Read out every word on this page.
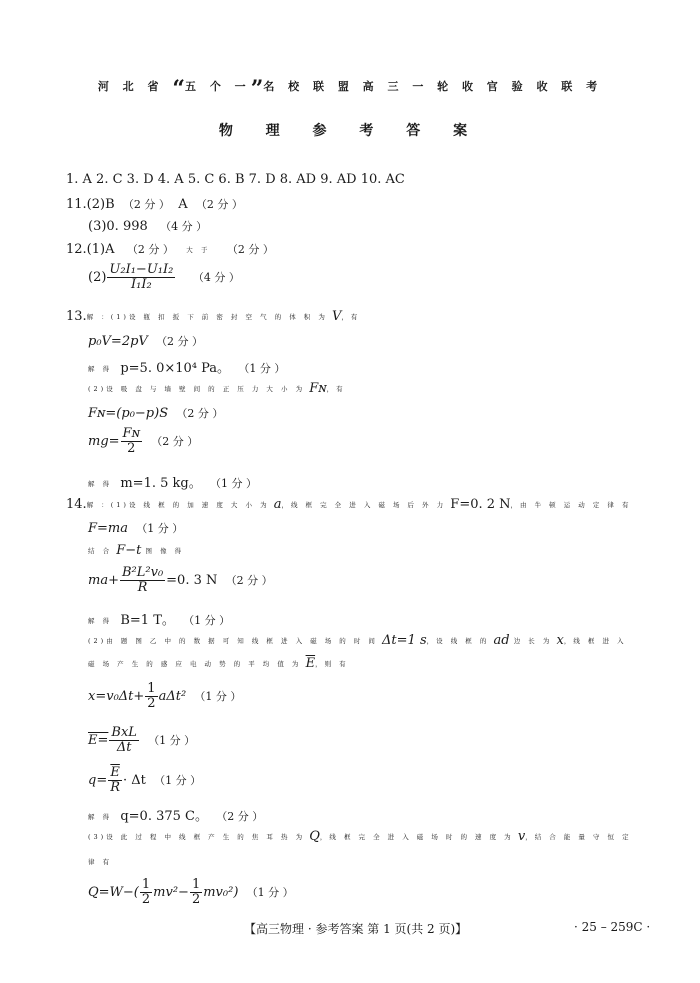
河 北 省 “五 个 一”名 校 联 盟 高 三 一 轮 收 官 验 收 联 考
物 理 参 考 答 案
1. A 2. C 3. D 4. A 5. C 6. B 7. D 8. AD 9. AD 10. AC
11.(2)B （2 分 ） A （2 分 ）
(3)0. 998 （4 分 ）
12.(1)A （2 分 ） 大 于 （2 分 ）
$(2) \frac{\text{U₂I₁−U₁I₂}}{\text{I₁I₂}} (4$ 分 ）
13.解 ：(1)设 瓶 扣 扳 下 前 密 封 空 气 的 体 积 为 V，有
p₀V=2pV （2 分 ）
解 得 p=5. 0×10⁴ Pa。 （1 分 ）
(2)设 吸 盘 与 墙 壁 间 的 正 压 力 大 小 为 Fɴ，有
Fɴ=(p₀−p)S （2 分 ）
$mg= \frac{\text{Fɴ}}{2} (2$ 分 ）
解 得 m=1. 5 kg。 （1 分 ）
14.解 ：(1)设 线 框 的 加 速 度 大 小 为 a，线 框 完 全 进 入 磁 场 后 外 力 F=0. 2 N，由 牛 顿 运 动 定 律 有
F=ma （1 分 ）
结 合 F−t 图 像 得
$ma+ \frac{\text{B²L²v₀}}{R} =0$. 3 N （2 分 ）
解 得 B=1 T。 （1 分 ）
(2)由 题 图 乙 中 的 数 据 可 知 线 框 进 入 磁 场 的 时 间 Δt=1 s，设 线 框 的 ad 边 长 为 x，线 框 进 入
磁 场 产 生 的 感 应 电 动 势 的 平 均 值 为 $\overline{E}$，则 有
$x=v_0\Delta t+ \frac{1}{2} a\Delta t^2$ （1 分 ）
$E= \frac{\text{BxL}}{\Delta t} (1$ 分 ）
$q= \frac{\overline{E}}{R} \cdot \Delta t$ （1 分 ）
解 得 q=0. 375 C。 （2 分 ）
(3)设 此 过 程 中 线 框 产 生 的 焦 耳 热 为 Q，线 框 完 全 进 入 磁 场 时 的 速 度 为 v，结 合 能 量 守 恒 定
律 有
$Q=W-( \frac{1}{2} mv^2- \frac{1}{2} mv_0^2)$ （1 分 ）
【高三物理 · 参考答案 第 1 页(共 2 页)】	· 25 – 259C ·
